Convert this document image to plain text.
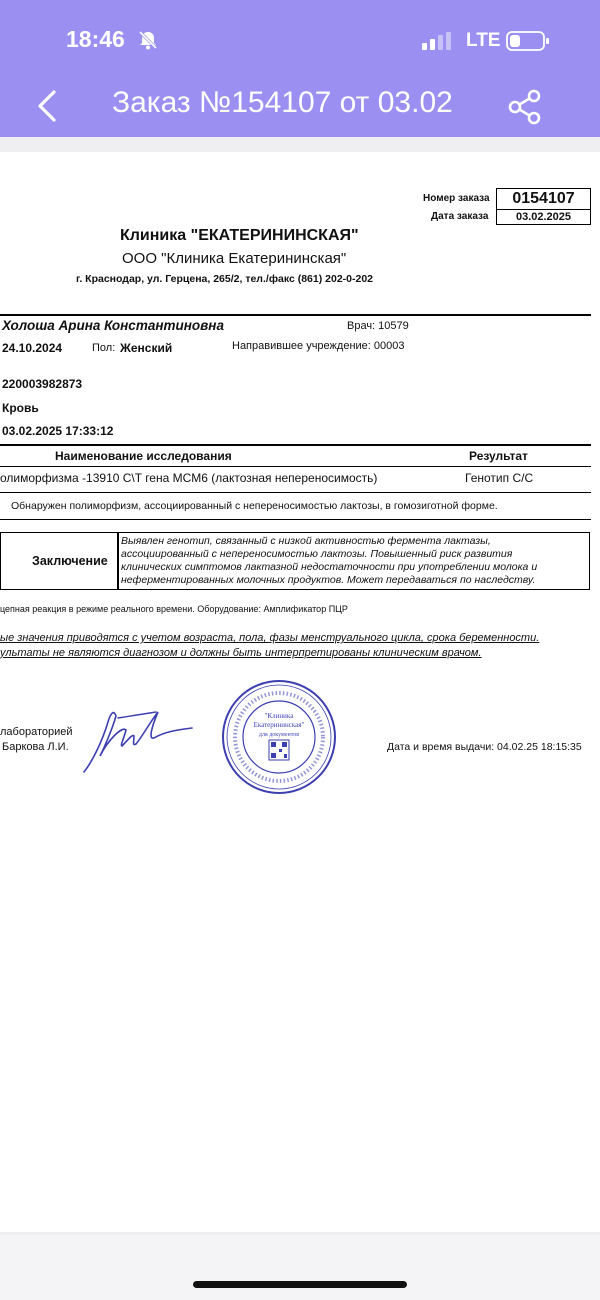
18:46	LTE
Заказ №154107 от 03.02
Номер заказа	0154107
Дата заказа	03.02.2025
Клиника "ЕКАТЕРИНИНСКАЯ"
ООО "Клиника Екатерининская"
г. Краснодар, ул. Герцена, 265/2, тел./факс (861) 202-0-202
Холоша Арина Константиновна	Врач: 10579
24.10.2024	Пол: Женский	Направившее учреждение: 00003
220003982873
Кровь
03.02.2025 17:33:12
Наименование исследования	Результат
олиморфизма -13910 C\T гена MCM6 (лактозная непереносимость)	Генотип C/C
Обнаружен полиморфизм, ассоциированный с непереносимостью лактозы, в гомозиготной форме.
Заключение
Выявлен генотип, связанный с низкой активностью фермента лактазы,
ассоциированный с непереносимостью лактозы. Повышенный риск развития
клинических симптомов лактазной недостаточности при употреблении молока и
неферментированных молочных продуктов. Может передаваться по наследству.
цепная реакция в режиме реального времени. Оборудование: Амплификатор ПЦР
ые значения приводятся с учетом возраста, пола, фазы менструального цикла, срока беременности.
ультаты не являются диагнозом и должны быть интерпретированы клиническим врачом.
лабораторией
Баркова Л.И.	Дата и время выдачи: 04.02.25 18:15:35
"Клиника
Екатерининская"
для документов
